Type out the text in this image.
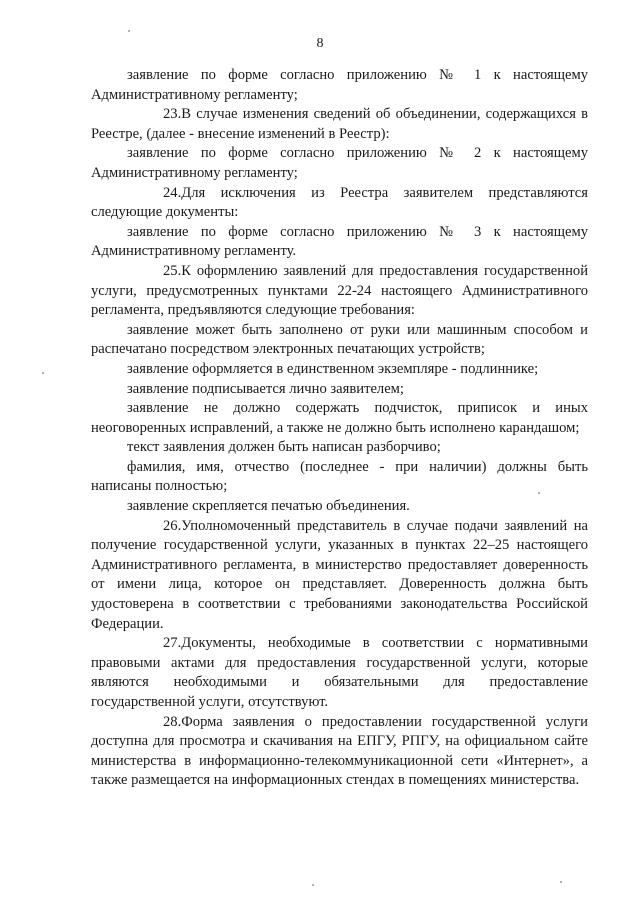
8

заявление по форме согласно приложению № 1 к настоящему Административному регламенту;

23.В случае изменения сведений об объединении, содержащихся в Реестре, (далее - внесение изменений в Реестр):

заявление по форме согласно приложению № 2 к настоящему Административному регламенту;

24.Для исключения из Реестра заявителем представляются следующие документы:

заявление по форме согласно приложению № 3 к настоящему Административному регламенту.

25.К оформлению заявлений для предоставления государственной услуги, предусмотренных пунктами 22-24 настоящего Административного регламента, предъявляются следующие требования:

заявление может быть заполнено от руки или машинным способом и распечатано посредством электронных печатающих устройств;

заявление оформляется в единственном экземпляре - подлиннике;

заявление подписывается лично заявителем;

заявление не должно содержать подчисток, приписок и иных неоговоренных исправлений, а также не должно быть исполнено карандашом;

текст заявления должен быть написан разборчиво;

фамилия, имя, отчество (последнее - при наличии) должны быть написаны полностью;

заявление скрепляется печатью объединения.

26.Уполномоченный представитель в случае подачи заявлений на получение государственной услуги, указанных в пунктах 22–25 настоящего Административного регламента, в министерство предоставляет доверенность от имени лица, которое он представляет. Доверенность должна быть удостоверена в соответствии с требованиями законодательства Российской Федерации.

27.Документы, необходимые в соответствии с нормативными правовыми актами для предоставления государственной услуги, которые являются необходимыми и обязательными для предоставление государственной услуги, отсутствуют.

28.Форма заявления о предоставлении государственной услуги доступна для просмотра и скачивания на ЕПГУ, РПГУ, на официальном сайте министерства в информационно-телекоммуникационной сети «Интернет», а также размещается на информационных стендах в помещениях министерства.
